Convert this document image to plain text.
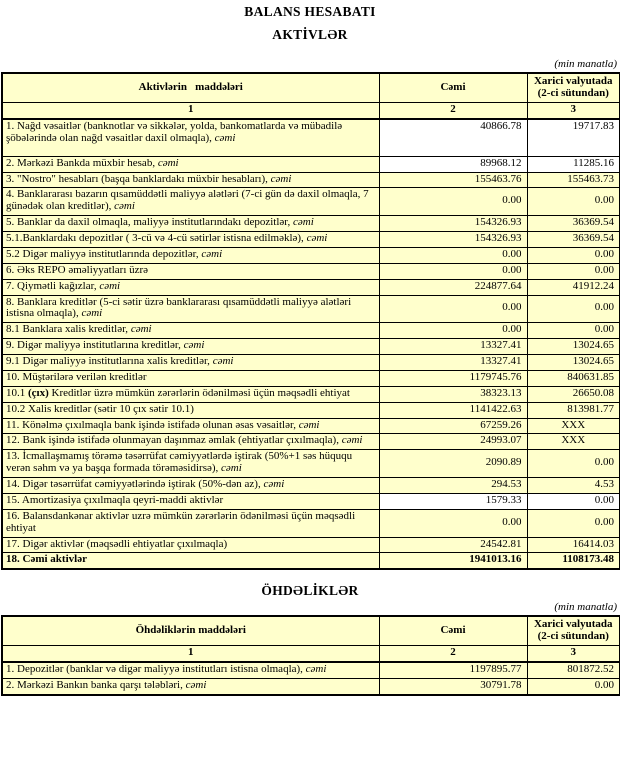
BALANS HESABATI
AKTİVLƏR
(min manatla)
Aktivlərin   maddələri	Cəmi	Xarici valyutada (2-ci sütundan)
1	2	3
1. Nağd vəsaitlər (banknotlar və sikkələr, yolda, bankomatlarda və mübadilə şöbələrində olan nağd vəsaitlər daxil olmaqla), cəmi	40866.78	19717.83
2. Mərkəzi Bankda müxbir hesab, cəmi	89968.12	11285.16
3. "Nostro" hesabları (başqa banklardakı müxbir hesabları), cəmi	155463.76	155463.73
4. Banklararası bazarın qısamüddətli maliyyə alətləri (7-ci gün də daxil olmaqla, 7 günədək olan kreditlər), cəmi	0.00	0.00
5. Banklar da daxil olmaqla, maliyyə institutlarındakı depozitlər, cəmi	154326.93	36369.54
5.1.Banklardakı depozitlər ( 3-cü və 4-cü sətirlər istisna edilməklə), cəmi	154326.93	36369.54
5.2 Digər maliyyə institutlarında depozitlər, cəmi	0.00	0.00
6. Əks REPO əməliyyatları üzrə	0.00	0.00
7. Qiymətli kağızlar, cəmi	224877.64	41912.24
8. Banklara kreditlər (5-ci sətir üzrə banklararası qısamüddətli maliyyə alətləri istisna olmaqla), cəmi	0.00	0.00
8.1 Banklara xalis kreditlər, cəmi	0.00	0.00
9. Digər maliyyə institutlarına kreditlər, cəmi	13327.41	13024.65
9.1 Digər maliyyə institutlarına xalis kreditlər, cəmi	13327.41	13024.65
10. Müştərilərə verilən kreditlər	1179745.76	840631.85
10.1 (çıx) Kreditlər üzrə mümkün zərərlərin ödənilməsi üçün məqsədli ehtiyat	38323.13	26650.08
10.2 Xalis kreditlər (sətir 10 çıx sətir 10.1)	1141422.63	813981.77
11. Könəlmə çıxılmaqla bank işində istifadə olunan əsas vəsaitlər, cəmi	67259.26	XXX
12. Bank işində istifadə olunmayan daşınmaz əmlak (ehtiyatlar çıxılmaqla), cəmi	24993.07	XXX
13. İcmallaşmamış törəmə təsərrüfat cəmiyyətlərdə iştirak (50%+1 səs hüququ verən səhm və ya başqa formada törəməsidirsə), cəmi	2090.89	0.00
14. Digər təsərrüfat cəmiyyətlərində iştirak (50%-dən az), cəmi	294.53	4.53
15. Amortizasiya çıxılmaqla qeyri-maddi aktivlər	1579.33	0.00
16. Balansdankənar aktivlər uzrə mümkün zərərlərin ödənilməsi üçün məqsədli ehtiyat	0.00	0.00
17. Digər aktivlər (məqsədli ehtiyatlar çıxılmaqla)	24542.81	16414.03
18. Cəmi aktivlər	1941013.16	1108173.48
ÖHDƏLİKLƏR
(min manatla)
Öhdəliklərin maddələri	Cəmi	Xarici valyutada (2-ci sütundan)
1	2	3
1. Depozitlər (banklar və digər maliyyə institutları istisna olmaqla), cəmi	1197895.77	801872.52
2. Mərkəzi Bankın banka qarşı tələbləri, cəmi	30791.78	0.00
